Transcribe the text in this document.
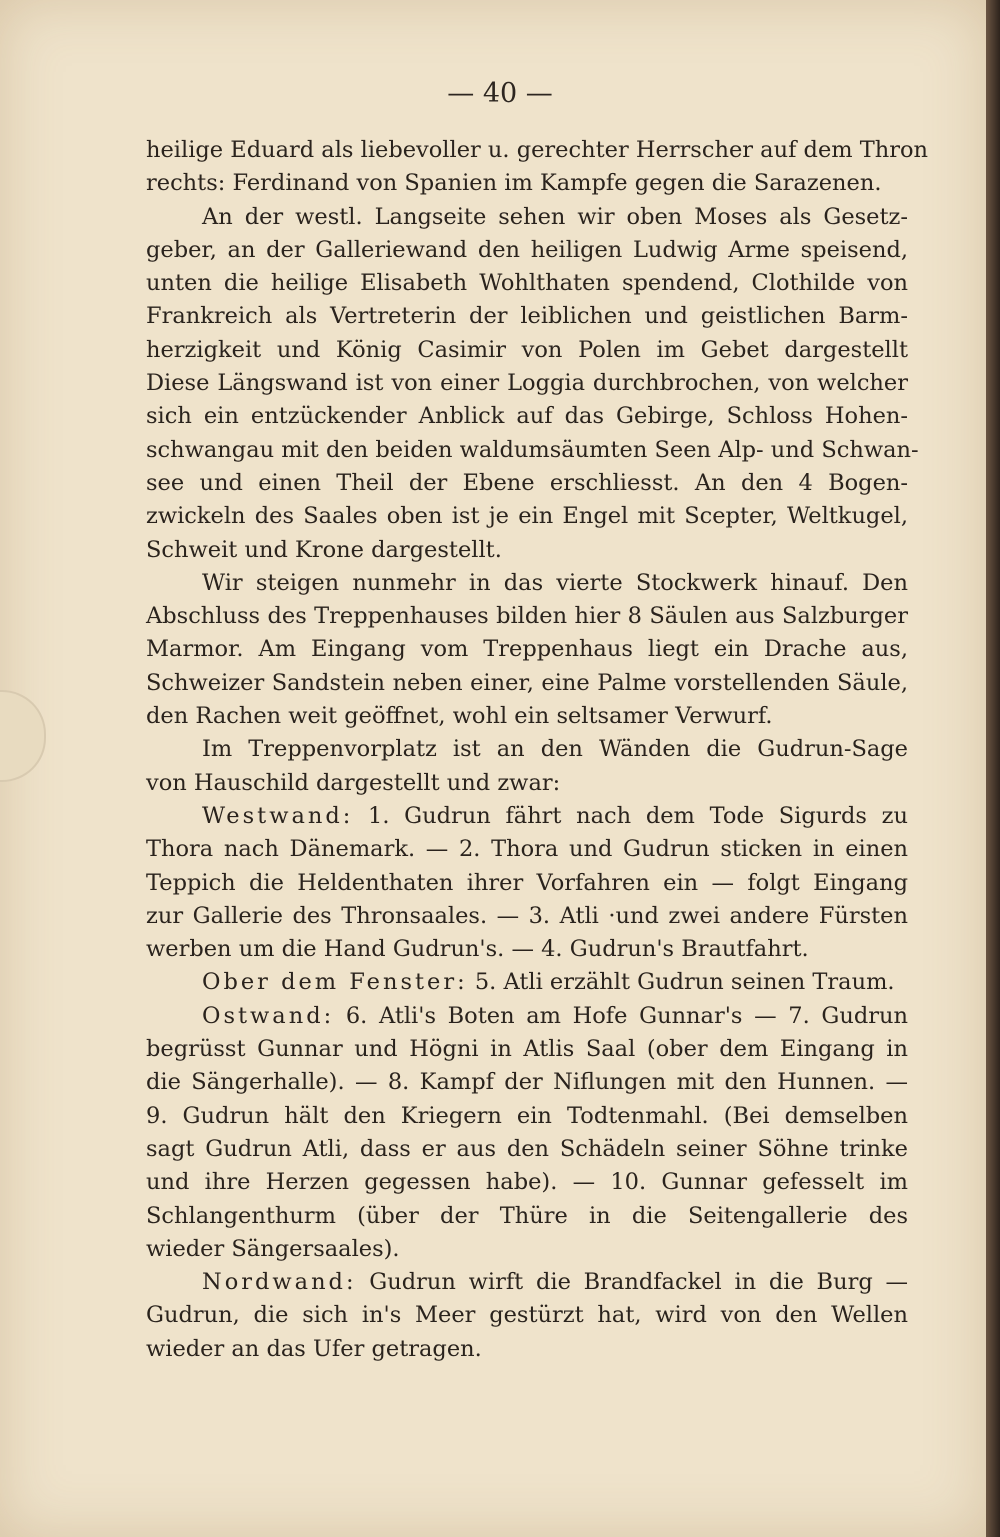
— 40 —
heilige Eduard als liebevoller u. gerechter Herrscher auf dem Thron
rechts: Ferdinand von Spanien im Kampfe gegen die Sarazenen.
An der westl. Langseite sehen wir oben Moses als Gesetz-
geber, an der Galleriewand den heiligen Ludwig Arme speisend,
unten die heilige Elisabeth Wohlthaten spendend, Clothilde von
Frankreich als Vertreterin der leiblichen und geistlichen Barm-
herzigkeit und König Casimir von Polen im Gebet dargestellt
Diese Längswand ist von einer Loggia durchbrochen, von welcher
sich ein entzückender Anblick auf das Gebirge, Schloss Hohen-
schwangau mit den beiden waldumsäumten Seen Alp- und Schwan-
see und einen Theil der Ebene erschliesst. An den 4 Bogen-
zwickeln des Saales oben ist je ein Engel mit Scepter, Weltkugel,
Schweit und Krone dargestellt.
Wir steigen nunmehr in das vierte Stockwerk hinauf. Den
Abschluss des Treppenhauses bilden hier 8 Säulen aus Salzburger
Marmor. Am Eingang vom Treppenhaus liegt ein Drache aus,
Schweizer Sandstein neben einer, eine Palme vorstellenden Säule,
den Rachen weit geöffnet, wohl ein seltsamer Verwurf.
Im Treppenvorplatz ist an den Wänden die Gudrun-Sage
von Hauschild dargestellt und zwar:
Westwand: 1. Gudrun fährt nach dem Tode Sigurds zu
Thora nach Dänemark. — 2. Thora und Gudrun sticken in einen
Teppich die Heldenthaten ihrer Vorfahren ein — folgt Eingang
zur Gallerie des Thronsaales. — 3. Atli ·und zwei andere Fürsten
werben um die Hand Gudrun's. — 4. Gudrun's Brautfahrt.
Ober dem Fenster: 5. Atli erzählt Gudrun seinen Traum.
Ostwand: 6. Atli's Boten am Hofe Gunnar's — 7. Gudrun
begrüsst Gunnar und Högni in Atlis Saal (ober dem Eingang in
die Sängerhalle). — 8. Kampf der Niflungen mit den Hunnen. —
9. Gudrun hält den Kriegern ein Todtenmahl. (Bei demselben
sagt Gudrun Atli, dass er aus den Schädeln seiner Söhne trinke
und ihre Herzen gegessen habe). — 10. Gunnar gefesselt im
Schlangenthurm (über der Thüre in die Seitengallerie des
wieder Sängersaales).
Nordwand: Gudrun wirft die Brandfackel in die Burg —
Gudrun, die sich in's Meer gestürzt hat, wird von den Wellen
wieder an das Ufer getragen.
